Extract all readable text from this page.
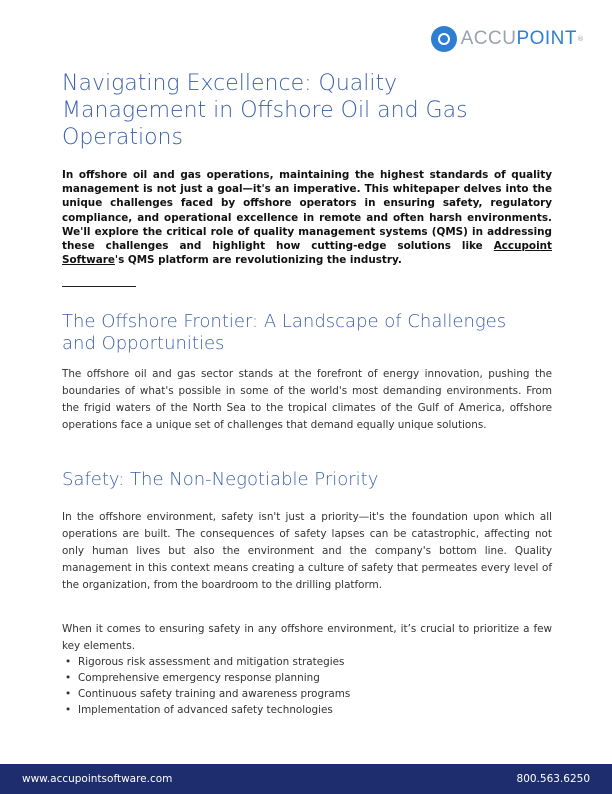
ACCUPOINT ®
Navigating Excellence: Quality Management in Offshore Oil and Gas Operations

In offshore oil and gas operations, maintaining the highest standards of quality management is not just a goal—it's an imperative. This whitepaper delves into the unique challenges faced by offshore operators in ensuring safety, regulatory compliance, and operational excellence in remote and often harsh environments. We'll explore the critical role of quality management systems (QMS) in addressing these challenges and highlight how cutting-edge solutions like Accupoint Software's QMS platform are revolutionizing the industry.

The Offshore Frontier: A Landscape of Challenges and Opportunities

The offshore oil and gas sector stands at the forefront of energy innovation, pushing the boundaries of what's possible in some of the world's most demanding environments. From the frigid waters of the North Sea to the tropical climates of the Gulf of America, offshore operations face a unique set of challenges that demand equally unique solutions.

Safety: The Non-Negotiable Priority

In the offshore environment, safety isn't just a priority—it's the foundation upon which all operations are built. The consequences of safety lapses can be catastrophic, affecting not only human lives but also the environment and the company's bottom line. Quality management in this context means creating a culture of safety that permeates every level of the organization, from the boardroom to the drilling platform.

When it comes to ensuring safety in any offshore environment, it’s crucial to prioritize a few key elements.

• Rigorous risk assessment and mitigation strategies
• Comprehensive emergency response planning
• Continuous safety training and awareness programs
• Implementation of advanced safety technologies
www.accupointsoftware.com	800.563.6250
